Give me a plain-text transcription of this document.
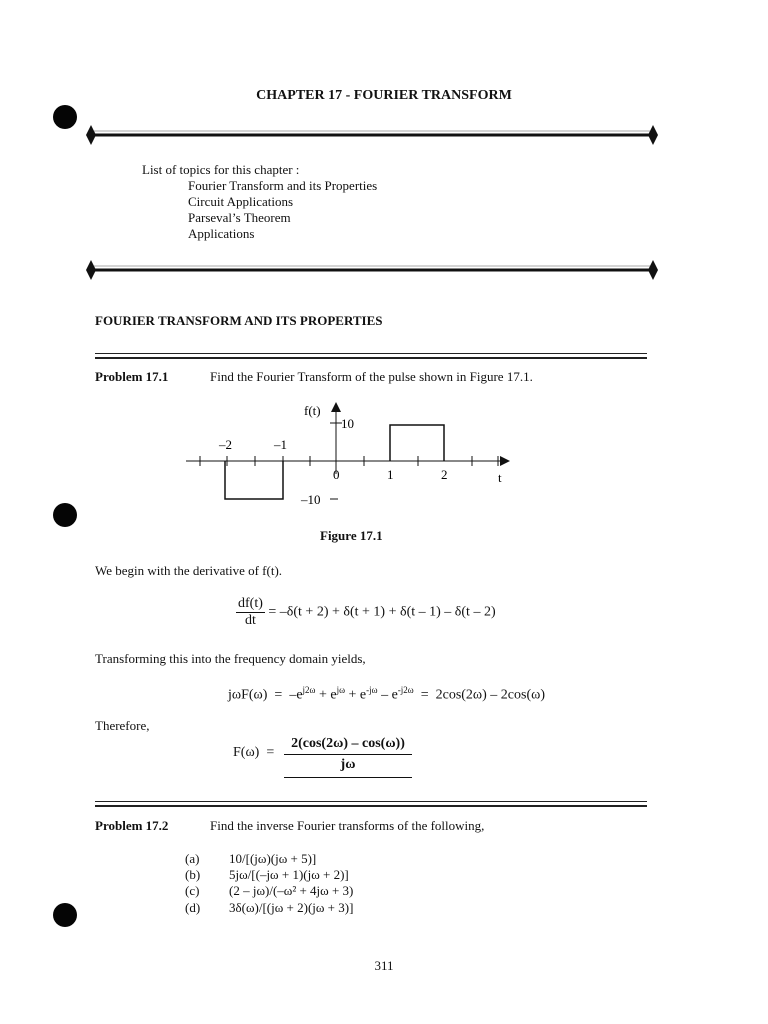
CHAPTER 17 - FOURIER TRANSFORM
List of topics for this chapter :
Fourier Transform and its Properties
Circuit Applications
Parseval’s Theorem
Applications
FOURIER TRANSFORM AND ITS PROPERTIES
Problem 17.1	Find the Fourier Transform of the pulse shown in Figure 17.1.
f(t)
10
–2	–1
0	1	2	t
–10
Figure 17.1
We begin with the derivative of f(t).
$\frac{df(t)}{dt} = -\delta(t + 2) + \delta(t + 1) + \delta(t - 1) - \delta(t - 2)$
Transforming this into the frequency domain yields,
$j\omega F(\omega) = -e^{j2\omega} + e^{j\omega} + e^{-j\omega} - e^{-j2\omega} = 2\cos(2\omega) - 2\cos(\omega)$
Therefore,
F(ω)  =
2(cos(2ω) – cos(ω))
jω
Problem 17.2	Find the inverse Fourier transforms of the following,
(a) 10/[(jω)(jω + 5)]
(b) 5jω/[(–jω + 1)(jω + 2)]
(c) (2 – jω)/(–ω² + 4jω + 3)
(d) 3δ(ω)/[(jω + 2)(jω + 3)]
311
